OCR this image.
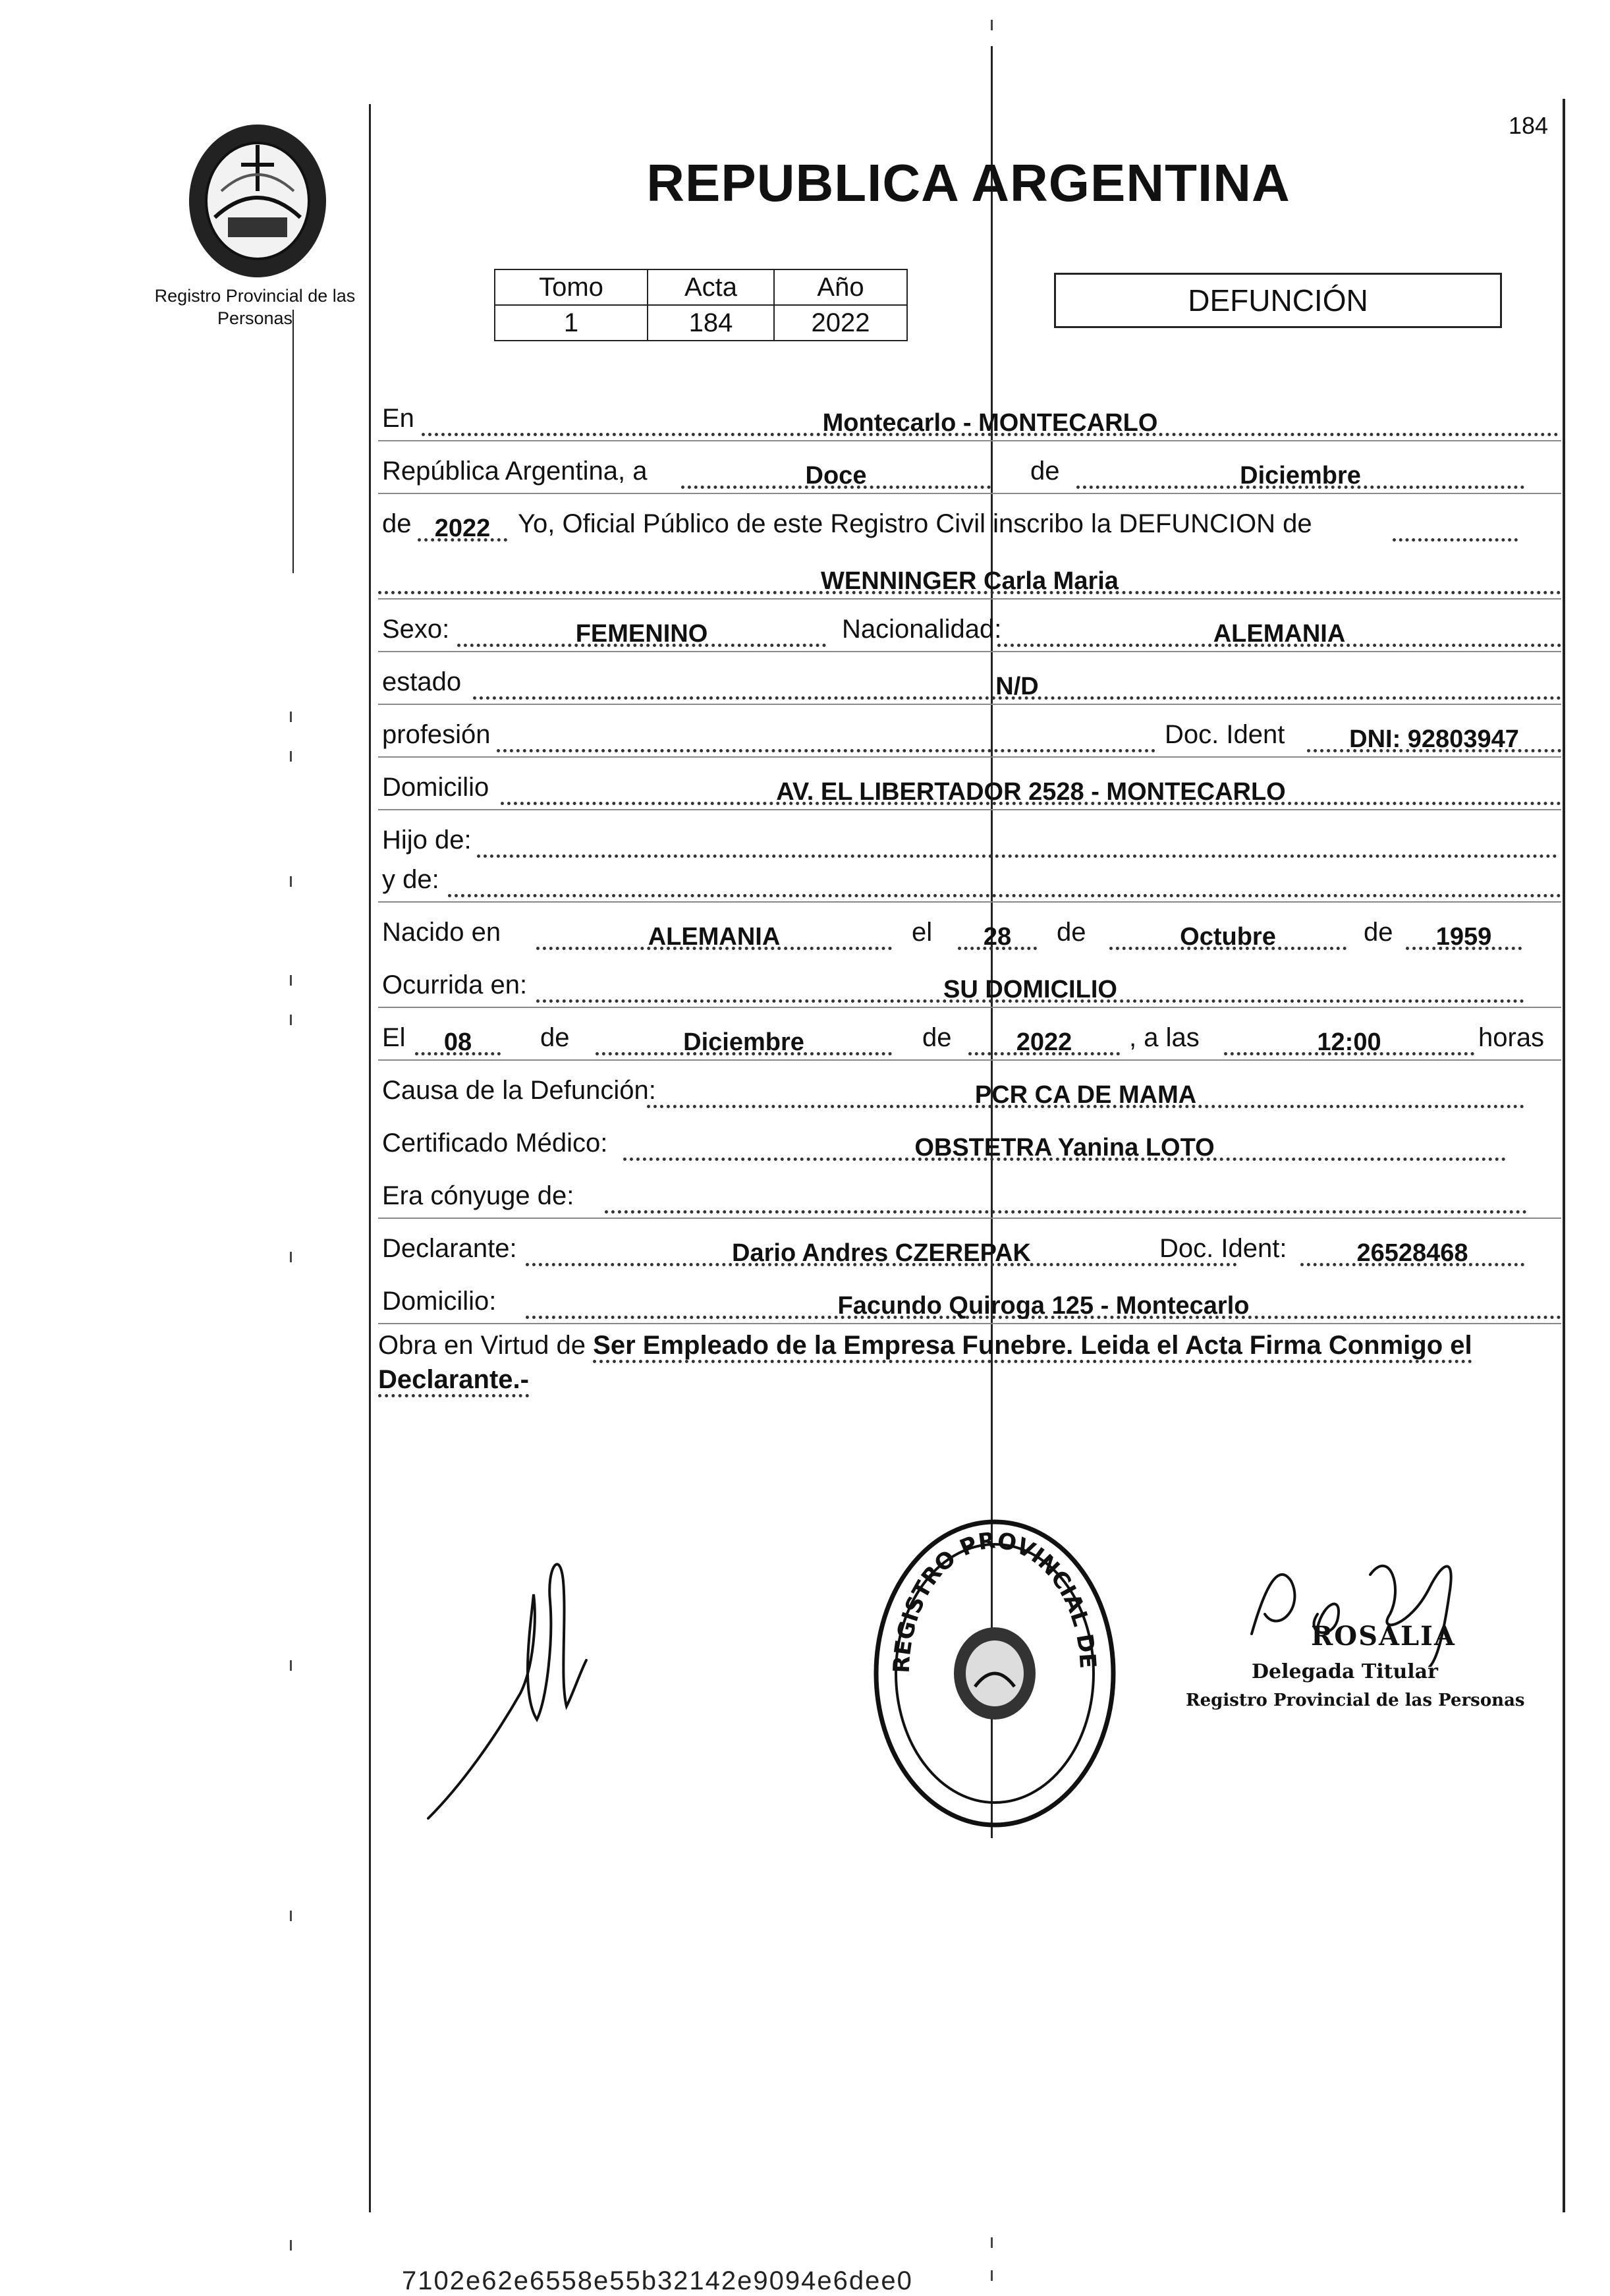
Registro Provincial de las Personas
184
REPUBLICA ARGENTINA
Tomo	Acta	Año
1	184	2022
DEFUNCIÓN
En	Montecarlo - MONTECARLO
República Argentina, a	Doce	de	Diciembre
de 2022	Yo, Oficial Público de este Registro Civil inscribo la DEFUNCION de
WENNINGER Carla Maria
Sexo:	FEMENINO	Nacionalidad:	ALEMANIA
estado	N/D
profesión	Doc. Ident	DNI: 92803947
Domicilio	AV. EL LIBERTADOR 2528 - MONTECARLO
Hijo de:
y de:
Nacido en	ALEMANIA	el	28	de	Octubre	de	1959
Ocurrida en:	SU DOMICILIO
El	08	de	Diciembre	de	2022	, a las	12:00	horas
Causa de la Defunción:	PCR CA DE MAMA
Certificado Médico:	OBSTETRA Yanina LOTO
Era cónyuge de:
Declarante:	Dario Andres CZEREPAK	Doc. Ident:	26528468
Domicilio:	Facundo Quiroga 125 - Montecarlo
Obra en Virtud de Ser Empleado de la Empresa Funebre. Leida el Acta Firma Conmigo el Declarante.-
REGISTRO PROVINCIAL DE
ROSALIA
Delegada Titular
Registro Provincial de las Personas
7102e62e6558e55b32142e9094e6dee0
